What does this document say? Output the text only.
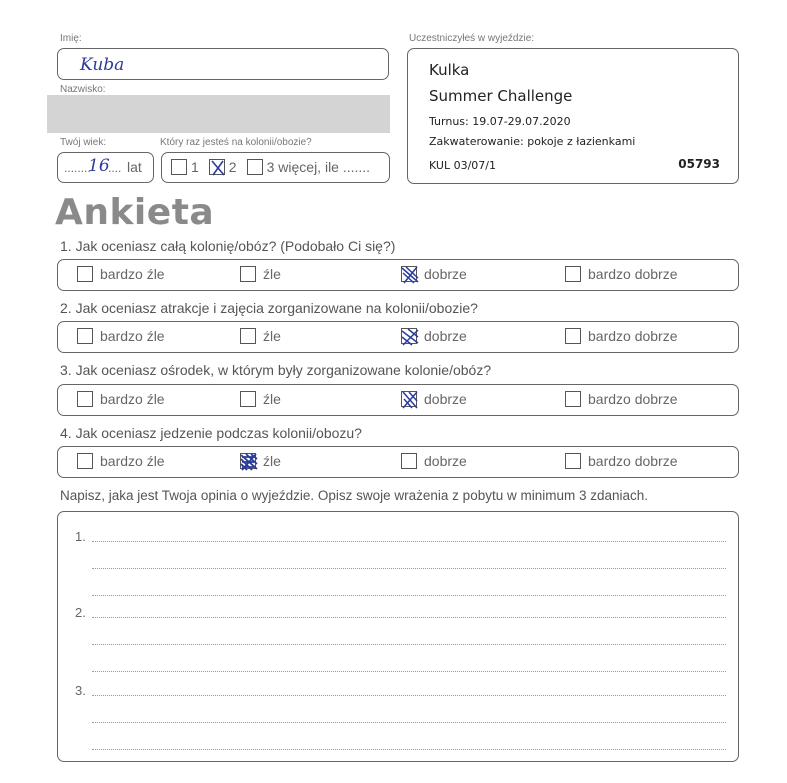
Imię:
Kuba
Nazwisko:
Twój wiek:
........
16
.... lat
Który raz jesteś na kolonii/obozie?
1 2 3 więcej, ile .......
Uczestniczyłeś w wyjeździe:
Kulka
Summer Challenge
Turnus: 19.07-29.07.2020
Zakwaterowanie: pokoje z łazienkami
KUL 03/07/1	05793
Ankieta
1. Jak oceniasz całą kolonię/obóz? (Podobało Ci się?)
bardzo źle	źle	dobrze	bardzo dobrze
2. Jak oceniasz atrakcje i zajęcia zorganizowane na kolonii/obozie?
bardzo źle	źle	dobrze	bardzo dobrze
3. Jak oceniasz ośrodek, w którym były zorganizowane kolonie/obóz?
bardzo źle	źle	dobrze	bardzo dobrze
4. Jak oceniasz jedzenie podczas kolonii/obozu?
bardzo źle	źle	dobrze	bardzo dobrze
Napisz, jaka jest Twoja opinia o wyjeździe. Opisz swoje wrażenia z pobytu w minimum 3 zdaniach.
1.
2.
3.
